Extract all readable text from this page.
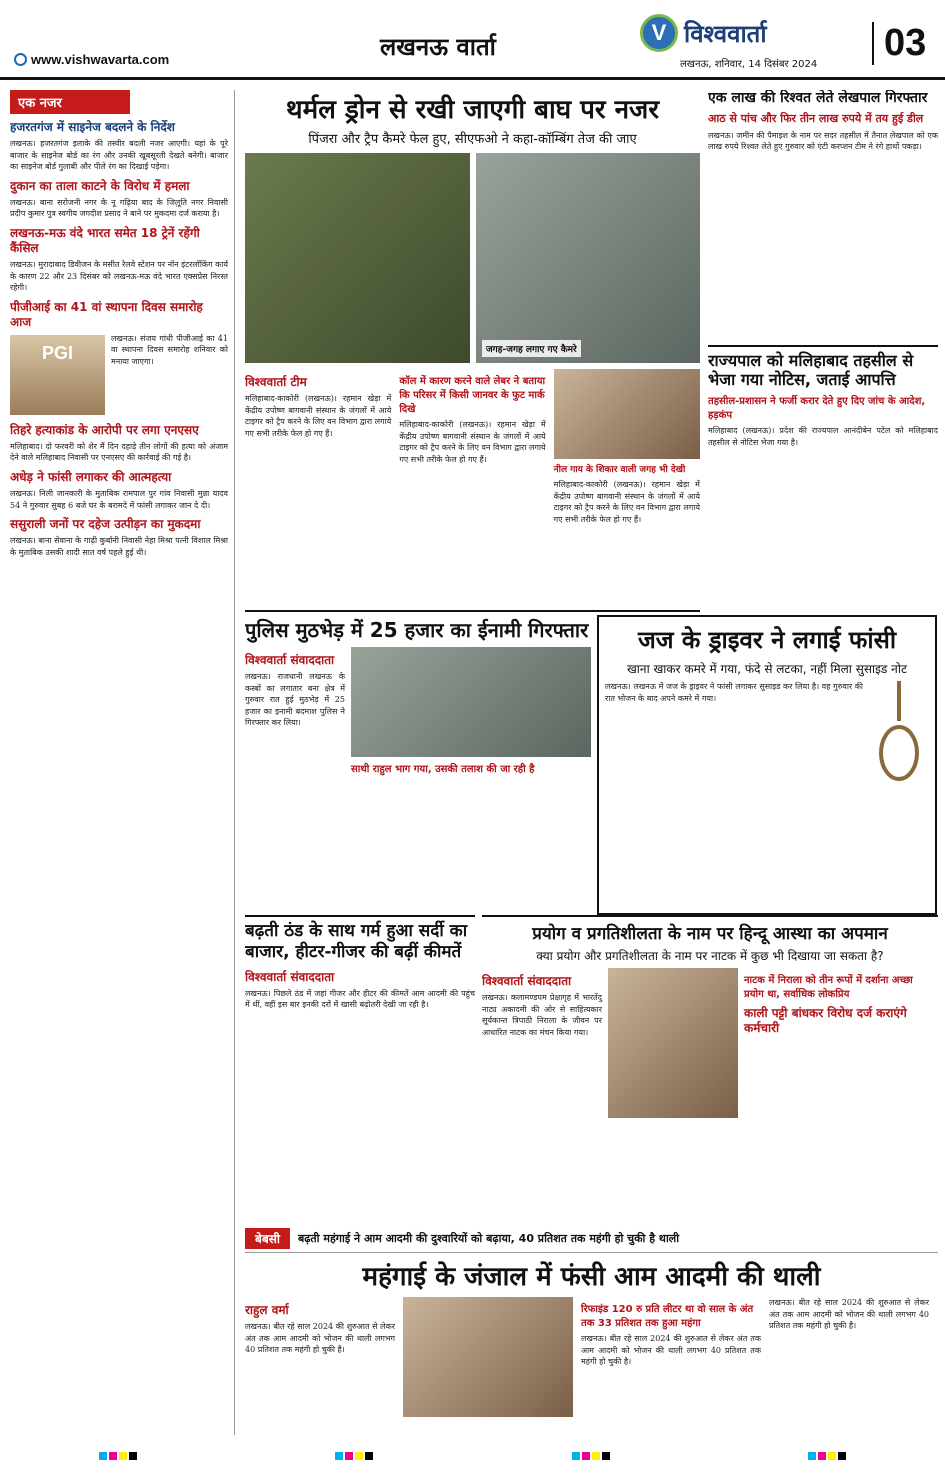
www.vishwavarta.com	लखनऊ वार्ता
V विश्ववार्ता
लखनऊ, शनिवार, 14 दिसंबर 2024
03
एक नजर
हजरतगंज में साइनेज बदलने के निर्देश
लखनऊ। हजरतगंज इलाके की तस्वीर बदली नजर आएगी। यहां के पूरे बाजार के साइनेज बोर्ड का रंग और उनकी खूबसूरती देखते बनेगी। बाजार का साइनेज बोर्ड गुलाबी और पीले रंग का दिखाई पड़ेगा।
दुकान का ताला काटने के विरोध में हमला
लखनऊ। बाना सरोजनी नगर के नू गढ़िया बाद के जिलू़ति नगर निवासी प्रदीप कुमार पुत्र स्वगीय जगदीश प्रसाद ने बाने पर मुकदमा दर्ज कराया है।
लखनऊ-मऊ वंदे भारत समेत 18 ट्रेनें रहेंगी कैंसिल
लखनऊ। मुरादाबाद डिवीजन के मसीत रेलवे स्टेशन पर नॉन इंटरलॉकिंग कार्य के कारण 22 और 23 दिसंबर को लखनऊ-मऊ वंदे भारत एक्सप्रेस निरस्त रहेगी।
पीजीआई का 41 वां स्थापना दिवस समारोह आज
PGI
लखनऊ। संजय गांधी पीजीआई का 41 वा स्थापना दिवस समारोह शनिवार को मनाया जाएगा।
तिहरे हत्याकांड के आरोपी पर लगा एनएसए
मलिहाबाद। दो फरवरी को शेर मैं दिन दहाड़े तीन लोगों की हत्या को अंजाम देने वाले मलिहाबाद निवासी पर एनएसए की कार्रवाई की गई है।
अधेड़ ने फांसी लगाकर की आत्महत्या
लखनऊ। निली जानकारी के मुताबिक रामपाल पुर गांव निवासी मुन्ना यादव 54 ने गुरुवार सुबह 6 बजे घर के बरामदे में फांसी लगाकर जान दे दी।
ससुराली जनों पर दहेज उत्पीड़न का मुकदमा
लखनऊ। बाना सेवाना के गाढ़ी कुर्बानी निवासी नेहा मिश्रा पत्नी विशाल मिश्रा के मुताबिक उसकी शादी सात वर्ष पहले हुई थी।
थर्मल ड्रोन से रखी जाएगी बाघ पर नजर
पिंजरा और ट्रैप कैमरे फेल हुए, सीएफओ ने कहा-कॉम्बिंग तेज की जाए
जगह-जगह लगाए गए कैमरे
विश्ववार्ता टीम
मलिहाबाद-काकोरी (लखनऊ)। रहमान खेड़ा में केंद्रीय उपोष्ण बागवानी संस्थान के जंगलों में आये टाइगर को ट्रैप करने के लिए वन विभाग द्वारा लगाये गए सभी तरीके फेल हो गए हैं।
कॉल में कारण करने वाले लेबर ने बताया कि परिसर में किसी जानवर के फुट मार्क दिखे
मलिहाबाद-काकोरी (लखनऊ)। रहमान खेड़ा में केंद्रीय उपोष्ण बागवानी संस्थान के जंगलों में आये टाइगर को ट्रैप करने के लिए वन विभाग द्वारा लगाये गए सभी तरीके फेल हो गए हैं।
नील गाय के शिकार वाली जगह भी देखी
मलिहाबाद-काकोरी (लखनऊ)। रहमान खेड़ा में केंद्रीय उपोष्ण बागवानी संस्थान के जंगलों में आये टाइगर को ट्रैप करने के लिए वन विभाग द्वारा लगाये गए सभी तरीके फेल हो गए हैं।
एक लाख की रिश्वत लेते लेखपाल गिरफ्तार
आठ से पांच और फिर तीन लाख रुपये में तय हुई डील
लखनऊ। जमीन की पैमाइश के नाम पर सदर तहसील में तैनात लेखपाल को एक लाख रुपये रिश्वत लेते हुए गुरुवार को एंटी करप्शन टीम ने रंगे हाथों पकड़ा।
राज्यपाल को मलिहाबाद तहसील से भेजा गया नोटिस, जताई आपत्ति
तहसील-प्रशासन ने फर्जी करार देते हुए दिए जांच के आदेश, हड़कंप
मलिहाबाद (लखनऊ)। प्रदेश की राज्यपाल आनंदीबेन पटेल को मलिहाबाद तहसील से नोटिस भेजा गया है।
पुलिस मुठभेड़ में 25 हजार का ईनामी गिरफ्तार
विश्ववार्ता संवाददाता
लखनऊ। राजधानी लखनऊ के कस्बों का लगातार बना क्षेत्र में गुरुवार रात हुई मुठभेड़ में 25 हजार का इनामी बदमाश पुलिस ने गिरफ्तार कर लिया।
साथी राहुल भाग गया, उसकी तलाश की जा रही है
जज के ड्राइवर ने लगाई फांसी
खाना खाकर कमरे में गया, फंदे से लटका, नहीं मिला सुसाइड नोट
लखनऊ। लखनऊ में जज के ड्राइवर ने फांसी लगाकर सुसाइड कर लिया है। वह गुरुवार की रात भोजन के बाद अपने कमरे में गया।
बढ़ती ठंड के साथ गर्म हुआ सर्दी का बाजार, हीटर-गीजर की बढ़ीं कीमतें
विश्ववार्ता संवाददाता
लखनऊ। पिछले ठंड में जहां गीजर और हीटर की कीमतें आम आदमी की पहुंच में थीं, वहीं इस बार इनकी दरों में खासी बढ़ोतरी देखी जा रही है।
प्रयोग व प्रगतिशीलता के नाम पर हिन्दू आस्था का अपमान
क्या प्रयोग और प्रगतिशीलता के नाम पर नाटक में कुछ भी दिखाया जा सकता है?
विश्ववार्ता संवाददाता
लखनऊ। कलामण्डपम प्रेक्षागृह में भारतेंदु नाट्य अकादमी की ओर से साहित्यकार सूर्यकान्त त्रिपाठी निराला के जीवन पर आधारित नाटक का मंचन किया गया।
नाटक में निराला को तीन रूपों में दर्शाना अच्छा प्रयोग था, सर्वाधिक लोकप्रिय
काली पट्टी बांधकर विरोध दर्ज कराएंगे कर्मचारी
बेबसी	बढ़ती महंगाई ने आम आदमी की दुश्वारियों को बढ़ाया, 40 प्रतिशत तक महंगी हो चुकी है थाली
महंगाई के जंजाल में फंसी आम आदमी की थाली
राहुल वर्मा
लखनऊ। बीत रहे साल 2024 की शुरुआत से लेकर अंत तक आम आदमी को भोजन की थाली लगभग 40 प्रतिशत तक महंगी हो चुकी है।
रिफाइंड 120 रु प्रति लीटर था वो साल के अंत तक 33 प्रतिशत तक हुआ महंगा
लखनऊ। बीत रहे साल 2024 की शुरुआत से लेकर अंत तक आम आदमी को भोजन की थाली लगभग 40 प्रतिशत तक महंगी हो चुकी है।
लखनऊ। बीत रहे साल 2024 की शुरुआत से लेकर अंत तक आम आदमी को भोजन की थाली लगभग 40 प्रतिशत तक महंगी हो चुकी है।
